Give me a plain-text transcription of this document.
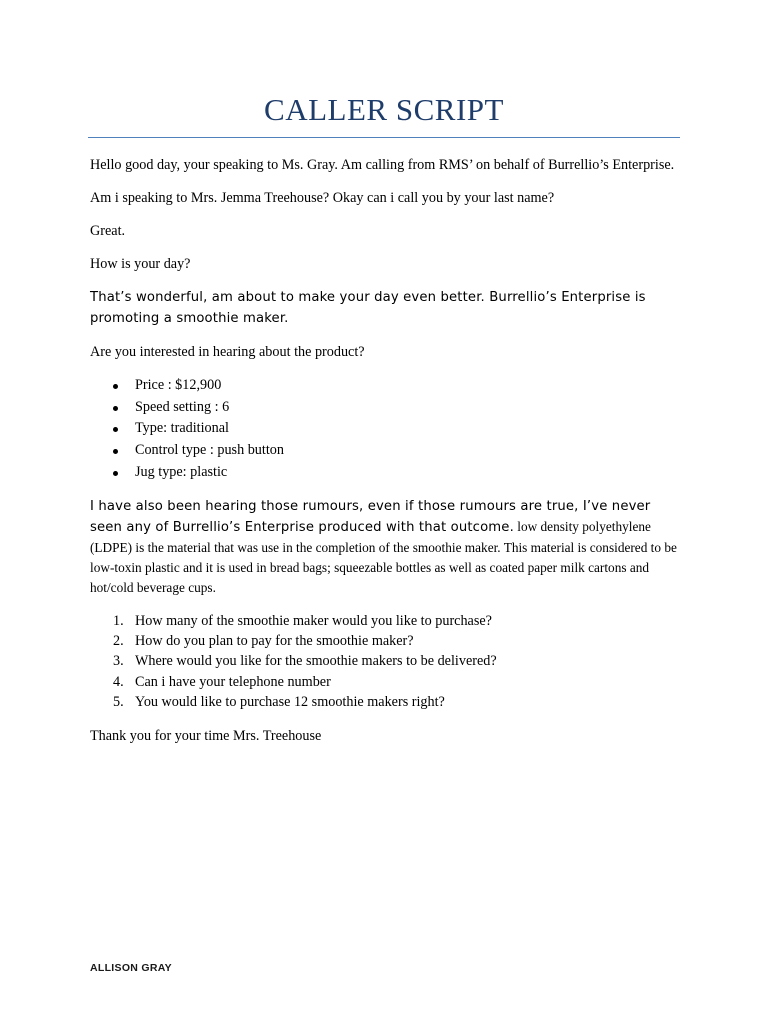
CALLER SCRIPT

Hello good day, your speaking to Ms. Gray. Am calling from RMS’ on behalf of Burrellio’s Enterprise.

Am i speaking to Mrs. Jemma Treehouse? Okay can i call you by your last name?

Great.

How is your day?

That’s wonderful, am about to make your day even better. Burrellio’s Enterprise is promoting a smoothie maker.

Are you interested in hearing about the product?

Price : $12,900
Speed setting : 6
Type: traditional
Control type : push button
Jug type: plastic

I have also been hearing those rumours, even if those rumours are true, I’ve never seen any of Burrellio’s Enterprise produced with that outcome. low density polyethylene (LDPE) is the material that was use in the completion of the smoothie maker. This material is considered to be low-toxin plastic and it is used in bread bags; squeezable bottles as well as coated paper milk cartons and hot/cold beverage cups.

1. How many of the smoothie maker would you like to purchase?
2. How do you plan to pay for the smoothie maker?
3. Where would you like for the smoothie makers to be delivered?
4. Can i have your telephone number
5. You would like to purchase 12 smoothie makers right?

Thank you for your time Mrs. Treehouse

ALLISON GRAY
